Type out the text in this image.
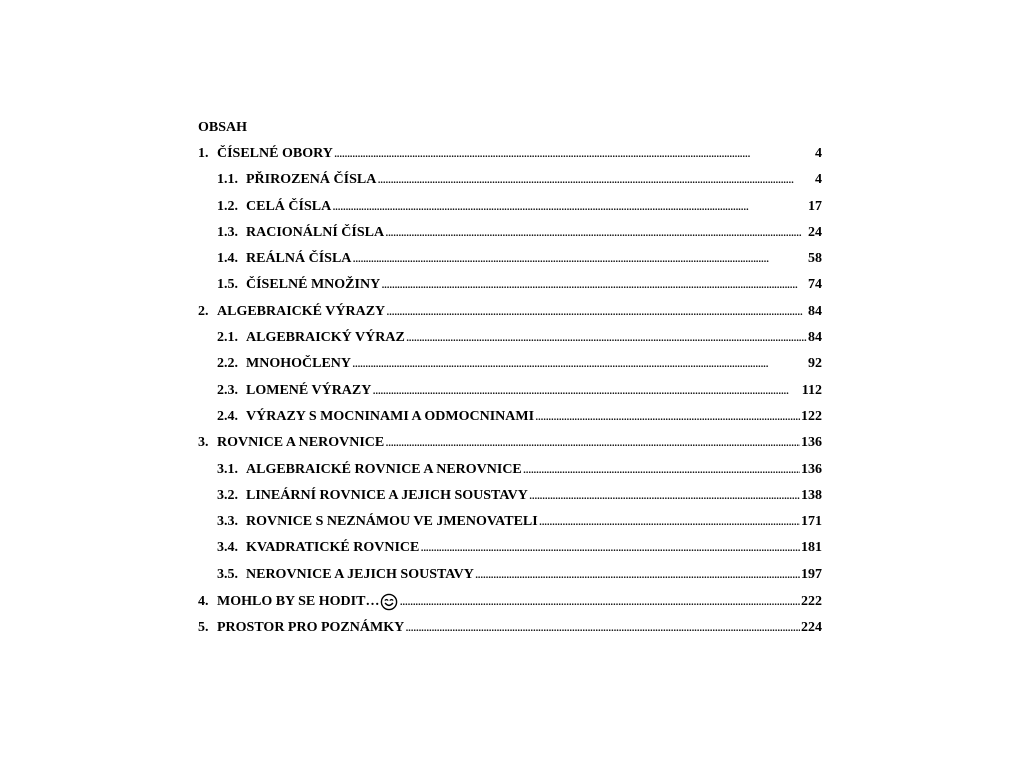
OBSAH
1. ČÍSELNÉ OBORY . . .	4
1.1. PŘIROZENÁ ČÍSLA . . .	4
1.2. CELÁ ČÍSLA . . .	17
1.3. RACIONÁLNÍ ČÍSLA . . .	24
1.4. REÁLNÁ ČÍSLA . . .	58
1.5. ČÍSELNÉ MNOŽINY . . .	74
2. ALGEBRAICKÉ VÝRAZY . . .	84
2.1. ALGEBRAICKÝ VÝRAZ . . .	84
2.2. MNOHOČLENY . . .	92
2.3. LOMENÉ VÝRAZY . . .	112
2.4. VÝRAZY S MOCNINAMI A ODMOCNINAMI . . .	122
3. ROVNICE A NEROVNICE . . .	136
3.1. ALGEBRAICKÉ ROVNICE A NEROVNICE . . .	136
3.2. LINEÁRNÍ ROVNICE A JEJICH SOUSTAVY . . .	138
3.3. ROVNICE S NEZNÁMOU VE JMENOVATELI . . .	171
3.4. KVADRATICKÉ ROVNICE . . .	181
3.5. NEROVNICE A JEJICH SOUSTAVY . . .	197
4. MOHLO BY SE HODIT… . . .	222
5. PROSTOR PRO POZNÁMKY . . .	224
